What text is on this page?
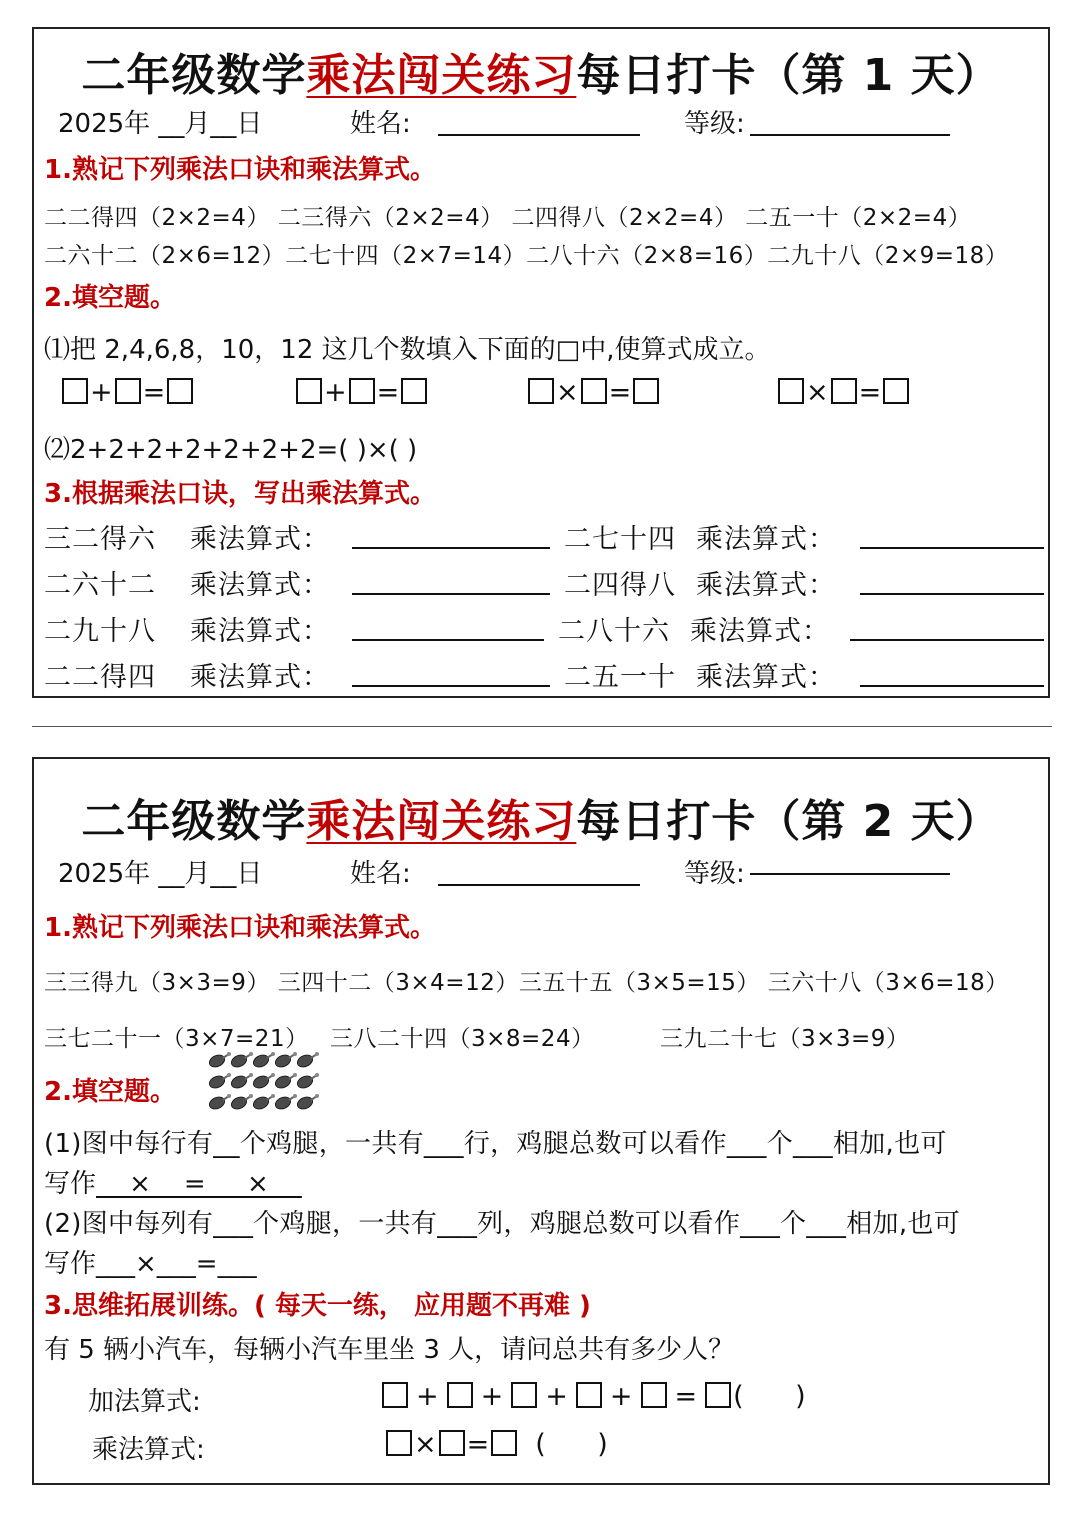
二年级数学乘法闯关练习每日打卡（第 1 天）
2025年 __月__日	姓名:	等级:
1.熟记下列乘法口诀和乘法算式。
二二得四（2×2=4） 二三得六（2×2=4） 二四得八（2×2=4） 二五一十（2×2=4）
二六十二（2×6=12）二七十四（2×7=14）二八十六（2×8=16）二九十八（2×9=18）
2.填空题。
⑴把 2,4,6,8，10，12 这几个数填入下面的□中,使算式成立。
+ =	+ =	× =	× =
⑵2+2+2+2+2+2+2=( )×( )
3.根据乘法口诀，写出乘法算式。
三二得六 乘法算式：	二七十四 乘法算式：
二六十二 乘法算式：	二四得八 乘法算式：
二九十八 乘法算式：	二八十六 乘法算式：
二二得四 乘法算式：	二五一十 乘法算式：
二年级数学乘法闯关练习每日打卡（第 2 天）
2025年 __月__日	姓名:	等级:
1.熟记下列乘法口诀和乘法算式。
三三得九（3×3=9） 三四十二（3×4=12）三五十五（3×5=15） 三六十八（3×6=18）
三七二十一（3×7=21） 三八二十四（3×8=24）	三九二十七（3×3=9）
2.填空题。
(1)图中每行有__个鸡腿，一共有___行，鸡腿总数可以看作___个___相加,也可
写作    ×    =     ×
(2)图中每列有___个鸡腿，一共有___列，鸡腿总数可以看作___个___相加,也可
写作___×___=___
3.思维拓展训练。( 每天一练， 应用题不再难 )
有 5 辆小汽车，每辆小汽车里坐 3 人，请问总共有多少人？
加法算式:	+ + + + = (      )
乘法算式:	× = (      )
